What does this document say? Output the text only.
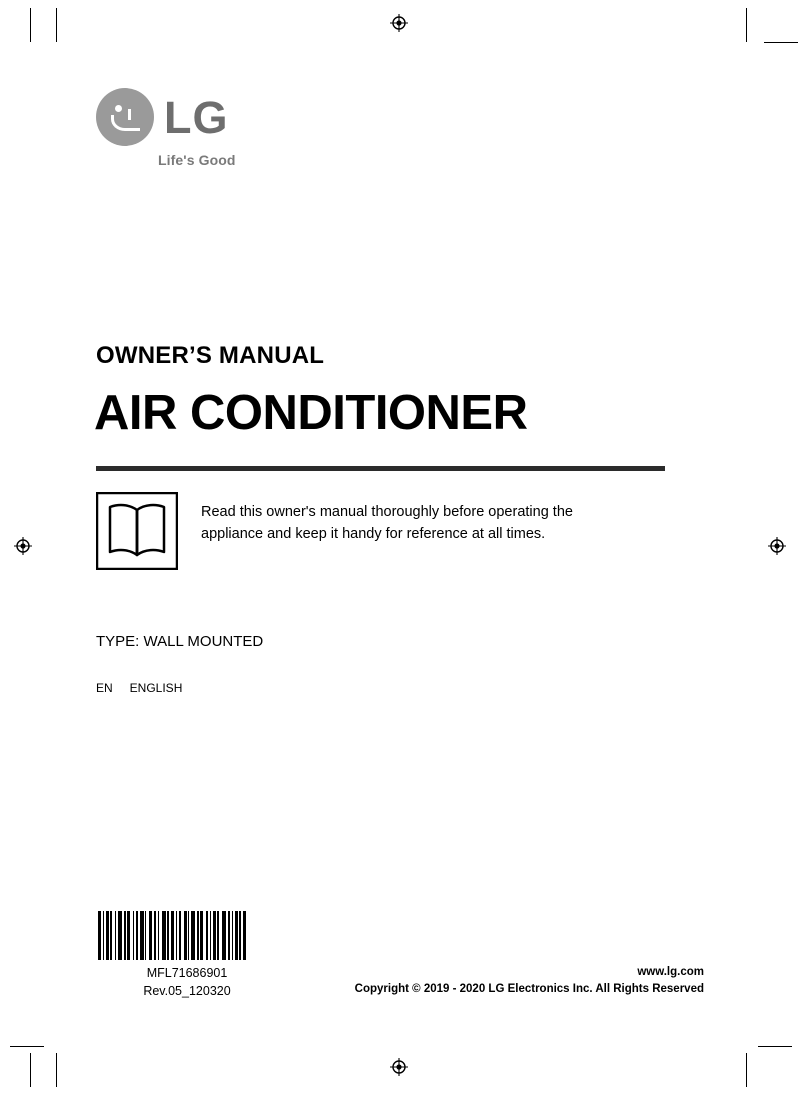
LG
Life's Good
OWNER’S MANUAL
AIR CONDITIONER
Read this owner's manual thoroughly before operating the
appliance and keep it handy for reference at all times.
TYPE: WALL MOUNTED
EN ENGLISH
MFL71686901
Rev.05_120320
www.lg.com
Copyright © 2019 - 2020 LG Electronics Inc. All Rights Reserved
